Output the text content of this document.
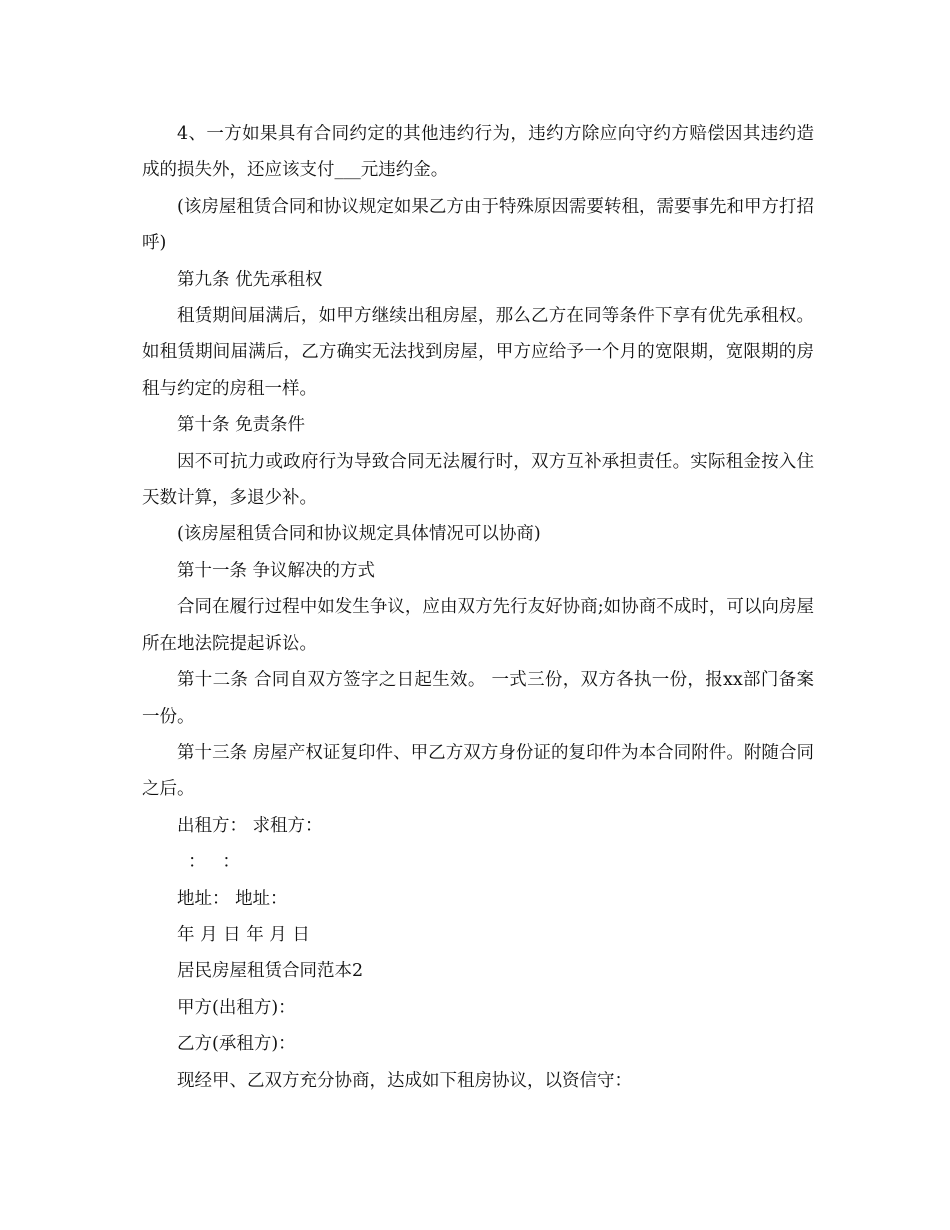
4、一方如果具有合同约定的其他违约行为，违约方除应向守约方赔偿因其违约造成的损失外，还应该支付___元违约金。

(该房屋租赁合同和协议规定如果乙方由于特殊原因需要转租，需要事先和甲方打招呼)

第九条 优先承租权

租赁期间届满后，如甲方继续出租房屋，那么乙方在同等条件下享有优先承租权。如租赁期间届满后，乙方确实无法找到房屋，甲方应给予一个月的宽限期，宽限期的房租与约定的房租一样。

第十条 免责条件

因不可抗力或政府行为导致合同无法履行时，双方互补承担责任。实际租金按入住天数计算，多退少补。

(该房屋租赁合同和协议规定具体情况可以协商)

第十一条 争议解决的方式

合同在履行过程中如发生争议，应由双方先行友好协商;如协商不成时，可以向房屋所在地法院提起诉讼。

第十二条 合同自双方签字之日起生效。 一式三份，双方各执一份，报xx部门备案一份。

第十三条 房屋产权证复印件、甲乙方双方身份证的复印件为本合同附件。附随合同之后。

出租方： 求租方：

：   ：

地址： 地址：

年 月 日 年 月 日

居民房屋租赁合同范本2

甲方(出租方)：

乙方(承租方)：

现经甲、乙双方充分协商，达成如下租房协议，以资信守：
